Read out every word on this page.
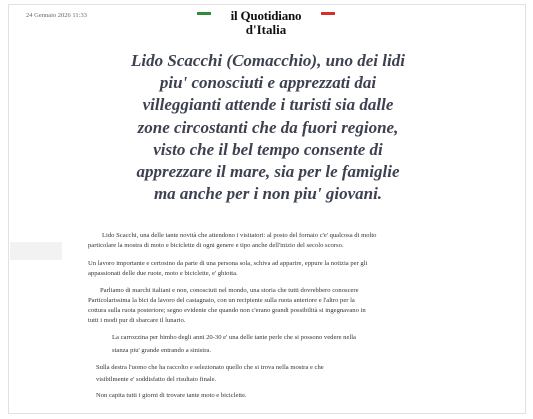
24 Gennaio 2026 11:33	il Quotidiano
d'Italia
Lido Scacchi (Comacchio), uno dei lidi
piu' conosciuti e apprezzati dai
villeggianti attende i turisti sia dalle
zone circostanti che da fuori regione,
visto che il bel tempo consente di
apprezzare il mare, sia per le famiglie
ma anche per i non piu' giovani.
Lido Scacchi, una delle tante novità che attendono i visitatori: al posto del fornaio c'e' qualcosa di molto
particolare la mostra di moto e biciclette di ogni genere e tipo anche dell'inizio del secolo scorso.
Un lavoro importante e certosino da parte di una persona sola, schiva ad apparire, eppure la notizia per gli
appassionati delle due ruote, moto e biciclette, e' ghiotta.
Parliamo di marchi italiani e non, conosciuti nel mondo, una storia che tutti dovrebbero conoscere
Particolarissima la bici da lavoro del castagnaio, con un recipiente sulla ruota anteriore e l'altro per la
cottura sulla ruota posteriore; segno evidente che quando non c'erano grandi possibilità si ingegnavano in
tutti i modi pur di sbarcare il lunario.
La carrozzina per bimbo degli anni 20-30 e' una delle tante perle che si possono vedere nella
stanza piu' grande entrando a sinistra.
Sulla destra l'uomo che ha raccolto e selezionato quello che si trova nella mostra e che
visibilmente e' soddisfatto del risultato finale.
Non capita tutti i giorni di trovare tante moto e biciclette.
